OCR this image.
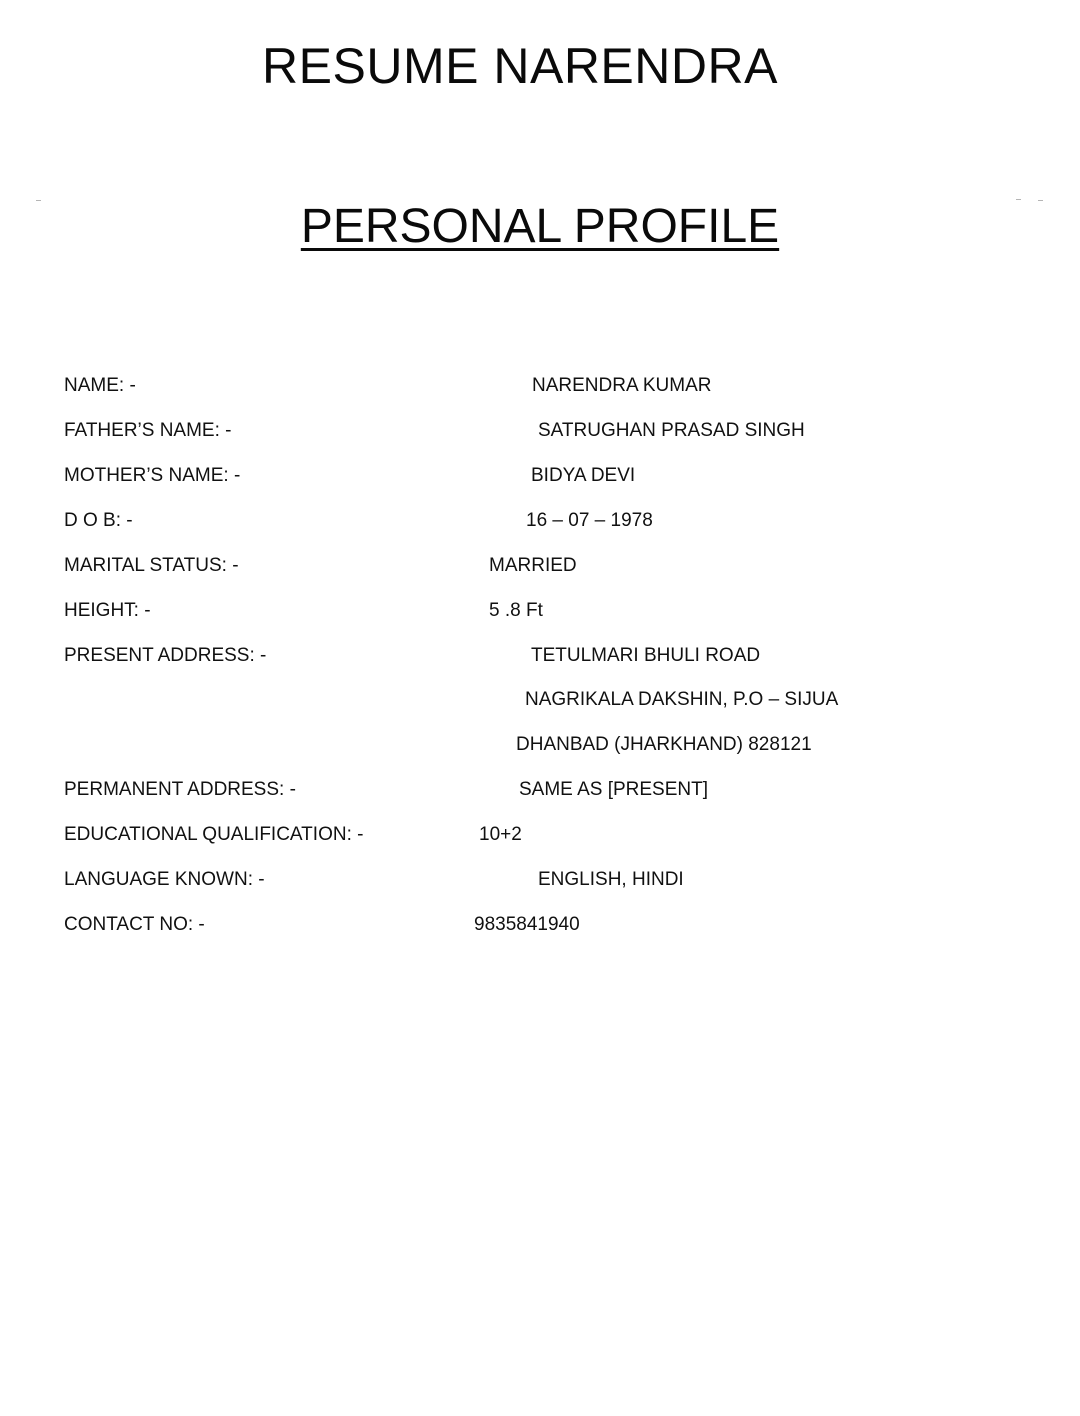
RESUME NARENDRA
PERSONAL PROFILE
NAME: -	NARENDRA KUMAR
FATHER’S NAME: -	SATRUGHAN PRASAD SINGH
MOTHER’S NAME: -	BIDYA DEVI
D O B: -	16 – 07 – 1978
MARITAL STATUS: -	MARRIED
HEIGHT: -	5 .8 Ft
PRESENT ADDRESS: -	TETULMARI BHULI ROAD
NAGRIKALA DAKSHIN, P.O – SIJUA
DHANBAD (JHARKHAND) 828121
PERMANENT ADDRESS: -	SAME AS [PRESENT]
EDUCATIONAL QUALIFICATION: -	10+2
LANGUAGE KNOWN: -	ENGLISH, HINDI
CONTACT NO: -	9835841940
